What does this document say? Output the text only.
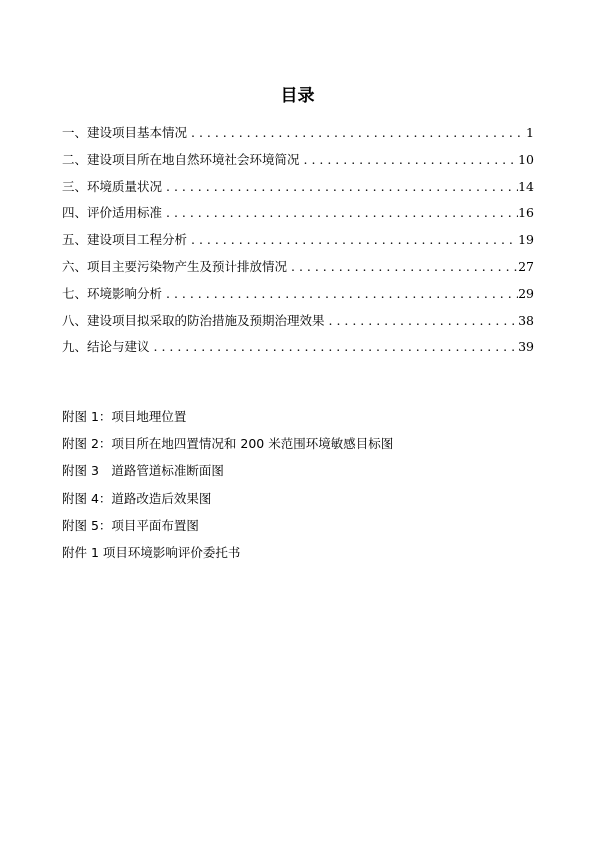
目录
一、建设项目基本情况 . . .	1
二、建设项目所在地自然环境社会环境简况 . . .	10
三、环境质量状况 . . .	14
四、评价适用标准 . . .	16
五、建设项目工程分析 . . .	19
六、项目主要污染物产生及预计排放情况 . . .	27
七、环境影响分析 . . .	29
八、建设项目拟采取的防治措施及预期治理效果 . . .	38
九、结论与建议 . . .	39
附图 1：项目地理位置
附图 2：项目所在地四置情况和 200 米范围环境敏感目标图
附图 3　道路管道标准断面图
附图 4：道路改造后效果图
附图 5：项目平面布置图
附件 1 项目环境影响评价委托书
